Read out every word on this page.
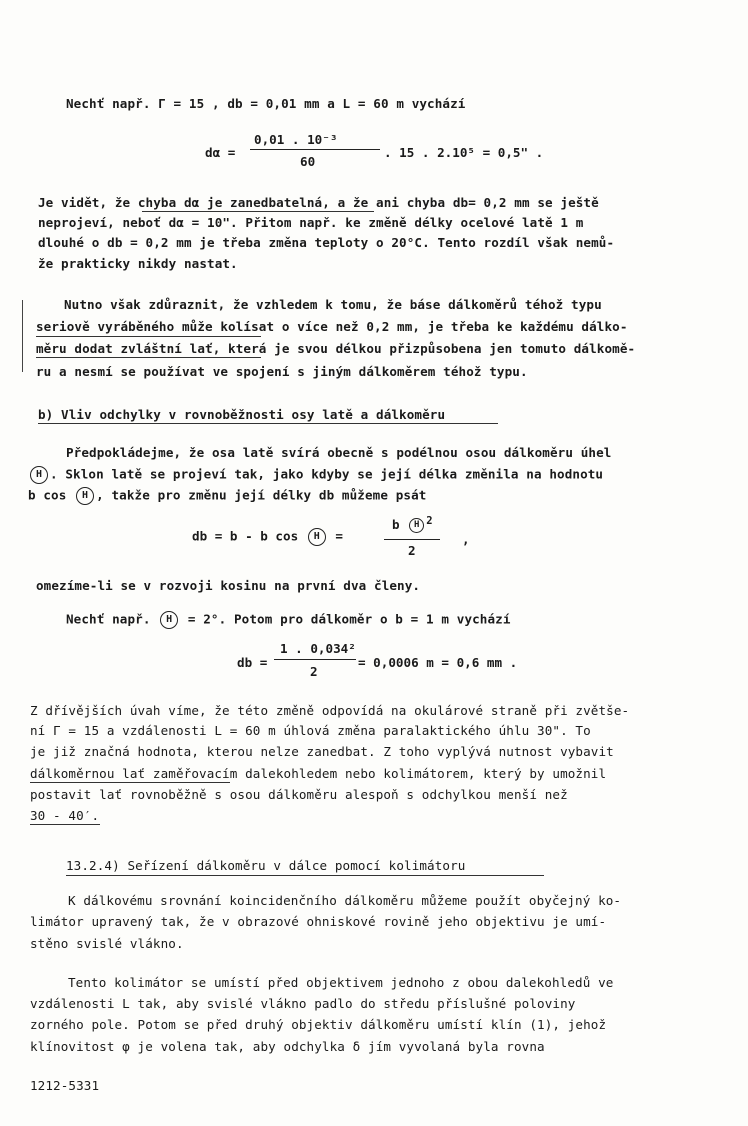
Nechť např. Γ = 15 , db = 0,01 mm a L = 60 m vychází
dα =
0,01 . 10⁻³
60
. 15 . 2.10⁵ = 0,5" .
Je vidět, že chyba dα je zanedbatelná, a že ani chyba db= 0,2 mm se ještě
neprojeví, neboť dα = 10". Přitom např. ke změně délky ocelové latě 1 m
dlouhé o db = 0,2 mm je třeba změna teploty o 20°C. Tento rozdíl však nemů-
že prakticky nikdy nastat.
Nutno však zdůraznit, že vzhledem k tomu, že báse dálkoměrů téhož typu
seriově vyráběného může kolísat o více než 0,2 mm, je třeba ke každému dálko-
měru dodat zvláštní lať, která je svou délkou přizpůsobena jen tomuto dálkomě-
ru a nesmí se používat ve spojení s jiným dálkoměrem téhož typu.
b) Vliv odchylky v rovnoběžnosti osy latě a dálkoměru
Předpokládejme, že osa latě svírá obecně s podélnou osou dálkoměru úhel
H . Sklon latě se projeví tak, jako kdyby se její délka změnila na hodnotu
b cos H , takže pro změnu její délky db můžeme psát
db = b - b cos H =
b H $^2$
2
,
omezíme-li se v rozvoji kosinu na první dva členy.
Nechť např. H = 2°. Potom pro dálkoměr o b = 1 m vychází
db =
1 . 0,034²
2
= 0,0006 m = 0,6 mm .
Z dřívějších úvah víme, že této změně odpovídá na okulárové straně při zvětše-
ní Γ = 15 a vzdálenosti L = 60 m úhlová změna paralaktického úhlu 30". To
je již značná hodnota, kterou nelze zanedbat. Z toho vyplývá nutnost vybavit
dálkoměrnou lať zaměřovacím dalekohledem nebo kolimátorem, který by umožnil
postavit lať rovnoběžně s osou dálkoměru alespoň s odchylkou menší než
30 - 40′.
13.2.4) Seřízení dálkoměru v dálce pomocí kolimátoru
K dálkovému srovnání koincidenčního dálkoměru můžeme použít obyčejný ko-
limátor upravený tak, že v obrazové ohniskové rovině jeho objektivu je umí-
stěno svislé vlákno.
Tento kolimátor se umístí před objektivem jednoho z obou dalekohledů ve
vzdálenosti L tak, aby svislé vlákno padlo do středu příslušné poloviny
zorného pole. Potom se před druhý objektiv dálkoměru umístí klín (1), jehož
klínovitost φ je volena tak, aby odchylka δ jím vyvolaná byla rovna
1212-5331
